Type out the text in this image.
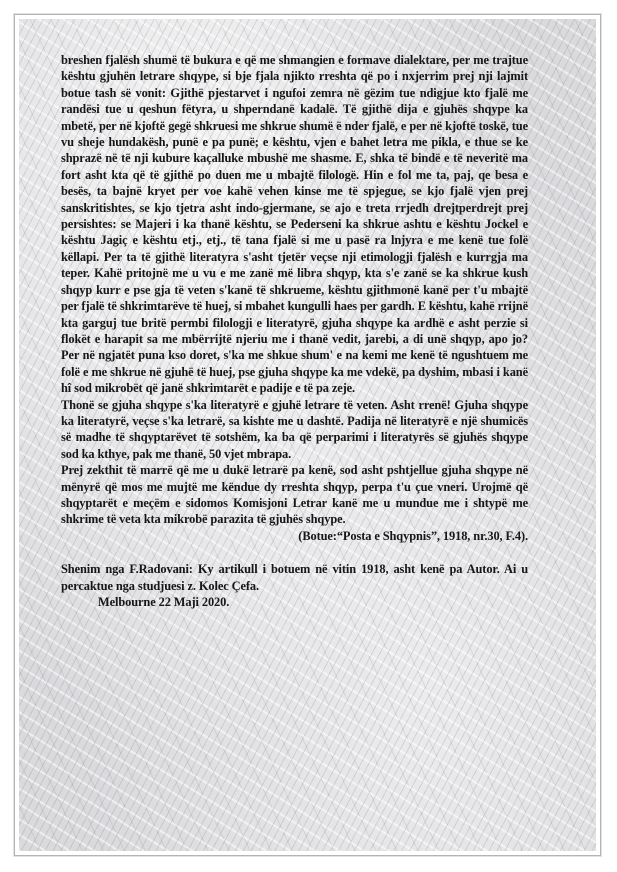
breshen fjalësh shumë të bukura e që me shmangien e formave dialektare, per me trajtue kështu gjuhën letrare shqype, si bje fjala njikto rreshta që po i nxjerrim prej nji lajmit botue tash së vonit: Gjithë pjestarvet i ngufoi zemra në gëzim tue ndigjue kto fjalë me randësi tue u qeshun fëtyra, u shperndanë kadalë. Të gjithë dija e gjuhës shqype ka mbetë, per në kjoftë gegë shkruesi me shkrue shumë ë nder fjalë, e per në kjoftë toskë, tue vu sheje hundakësh, punë e pa punë; e kështu, vjen e bahet letra me pikla, e thue se ke shprazë në të nji kubure kaçalluke mbushë me shasme. E, shka të bindë e të neveritë ma fort asht kta që të gjithë po duen me u mbajtë filologë. Hin e fol me ta, paj, qe besa e besës, ta bajnë kryet per voe kahë vehen kinse me të spjegue, se kjo fjalë vjen prej sanskritishtes, se kjo tjetra asht indo-gjermane, se ajo e treta rrjedh drejtperdrejt prej persishtes: se Majeri i ka thanë kështu, se Pederseni ka shkrue ashtu e kështu Jockel e kështu Jagiç e kështu etj., etj., të tana fjalë si me u pasë ra lnjyra e me kenë tue folë këllapi. Per ta të gjithë literatyra s'asht tjetër veçse nji etimologji fjalësh e kurrgja ma teper. Kahë pritojnë me u vu e me zanë më libra shqyp, kta s'e zanë se ka shkrue kush shqyp kurr e pse gja të veten s'kanë të shkrueme, kështu gjithmonë kanë per t'u mbajtë per fjalë të shkrimtarëve të huej, si mbahet kungulli haes per gardh. E kështu, kahë rrijnë kta garguj tue britë permbi filologji e literatyrë, gjuha shqype ka ardhë e asht perzie si flokët e harapit sa me mbërrijtë njeriu me i thanë vedit, jarebi, a di unë shqyp, apo jo? Per në ngjatët puna kso doret, s'ka me shkue shum' e na kemi me kenë të ngushtuem me folë e me shkrue në gjuhë të huej, pse gjuha shqype ka me vdekë, pa dyshim, mbasi i kanë hî sod mikrobët që janë shkrimtarët e padije e të pa zeje.

Thonë se gjuha shqype s'ka literatyrë e gjuhë letrare të veten. Asht rrenë! Gjuha shqype ka literatyrë, veçse s'ka letrarë, sa kishte me u dashtë. Padija në literatyrë e një shumicës së madhe të shqyptarëvet të sotshëm, ka ba që perparimi i literatyrës së gjuhës shqype sod ka kthye, pak me thanë, 50 vjet mbrapa.

Prej zekthit të marrë që me u dukë letrarë pa kenë, sod asht pshtjellue gjuha shqype në mënyrë që mos me mujtë me këndue dy rreshta shqyp, perpa t'u çue vneri. Urojmë që shqyptarët e meçëm e sidomos Komisjoni Letrar kanë me u mundue me i shtypë me shkrime të veta kta mikrobë parazita të gjuhës shqype.

(Botue:“Posta e Shqypnis”, 1918, nr.30, F.4).

Shenim nga F.Radovani: Ky artikull i botuem në vitin 1918, asht kenë pa Autor. Ai u percaktue nga studjuesi z. Kolec Çefa.

Melbourne 22 Maji 2020.
